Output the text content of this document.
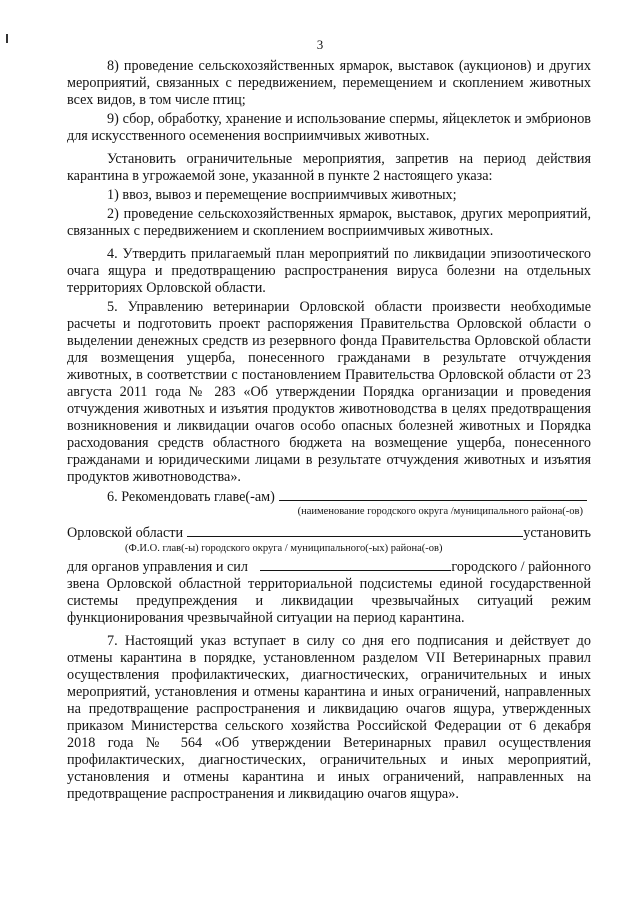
3

8) проведение сельскохозяйственных ярмарок, выставок (аукционов) и других мероприятий, связанных с передвижением, перемещением и скоплением животных всех видов, в том числе птиц;

9) сбор, обработку, хранение и использование спермы, яйцеклеток и эмбрионов для искусственного осеменения восприимчивых животных.

Установить ограничительные мероприятия, запретив на период действия карантина в угрожаемой зоне, указанной в пункте 2 настоящего указа:

1) ввоз, вывоз и перемещение восприимчивых животных;

2) проведение сельскохозяйственных ярмарок, выставок, других мероприятий, связанных с передвижением и скоплением восприимчивых животных.

4. Утвердить прилагаемый план мероприятий по ликвидации эпизоотического очага ящура и предотвращению распространения вируса болезни на отдельных территориях Орловской области.

5. Управлению ветеринарии Орловской области произвести необходимые расчеты и подготовить проект распоряжения Правительства Орловской области о выделении денежных средств из резервного фонда Правительства Орловской области для возмещения ущерба, понесенного гражданами в результате отчуждения животных, в соответствии с постановлением Правительства Орловской области от 23 августа 2011 года № 283 «Об утверждении Порядка организации и проведения отчуждения животных и изъятия продуктов животноводства в целях предотвращения возникновения и ликвидации очагов особо опасных болезней животных и Порядка расходования средств областного бюджета на возмещение ущерба, понесенного гражданами и юридическими лицами в результате отчуждения животных и изъятия продуктов животноводства».

6. Рекомендовать главе(-ам)
(наименование городского округа /муниципального района(-ов)
Орловской области	установить
(Ф.И.О. глав(-ы) городского округа / муниципального(-ых) района(-ов)
для органов управления и сил	городского / районного

звена Орловской областной территориальной подсистемы единой государственной системы предупреждения и ликвидации чрезвычайных ситуаций режим функционирования чрезвычайной ситуации на период карантина.

7. Настоящий указ вступает в силу со дня его подписания и действует до отмены карантина в порядке, установленном разделом VII Ветеринарных правил осуществления профилактических, диагностических, ограничительных и иных мероприятий, установления и отмены карантина и иных ограничений, направленных на предотвращение распространения и ликвидацию очагов ящура, утвержденных приказом Министерства сельского хозяйства Российской Федерации от 6 декабря 2018 года № 564 «Об утверждении Ветеринарных правил осуществления профилактических, диагностических, ограничительных и иных мероприятий, установления и отмены карантина и иных ограничений, направленных на предотвращение распространения и ликвидацию очагов ящура».
